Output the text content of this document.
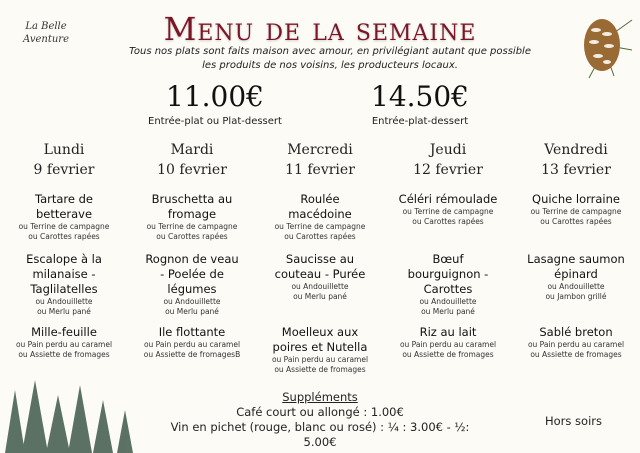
La Belle
Aventure	Menu de la semaine
Tous nos plats sont faits maison avec amour, en privilégiant autant que possible
les produits de nos voisins, les producteurs locaux.
11.00€
Entrée-plat ou Plat-dessert
14.50€
Entrée-plat-dessert
Lundi
9 fevrier
Tartare de betterave
ou Terrine de campagne
ou Carottes rapées
Escalope à la milanaise - Taglilatelles
ou Andouillette
ou Merlu pané
Mille-feuille
ou Pain perdu au caramel
ou Assiette de fromages
Mardi
10 fevrier
Bruschetta au fromage
ou Terrine de campagne
ou Carottes rapées
Rognon de veau - Poelée de légumes
ou Andouillette
ou Merlu pané
Ile flottante
ou Pain perdu au caramel
ou Assiette de fromagesB
Mercredi
11 fevrier
Roulée macédoine
ou Terrine de campagne
ou Carottes rapées
Saucisse au couteau - Purée
ou Andouillette
ou Merlu pané
Moelleux aux poires et Nutella
ou Pain perdu au caramel
ou Assiette de fromages
Jeudi
12 fevrier
Céléri rémoulade
ou Terrine de campagne
ou Carottes rapées
Bœuf bourguignon - Carottes
ou Andouillette
ou Merlu pané
Riz au lait
ou Pain perdu au caramel
ou Assiette de fromages
Vendredi
13 fevrier
Quiche lorraine
ou Terrine de campagne
ou Carottes rapées
Lasagne saumon épinard
ou Andouillette
ou Jambon grillé
Sablé breton
ou Pain perdu au caramel
ou Assiette de fromages
Suppléments
Café court ou allongé : 1.00€
Vin en pichet (rouge, blanc ou rosé) : ¼ : 3.00€ - ½: 5.00€
Hors soirs
